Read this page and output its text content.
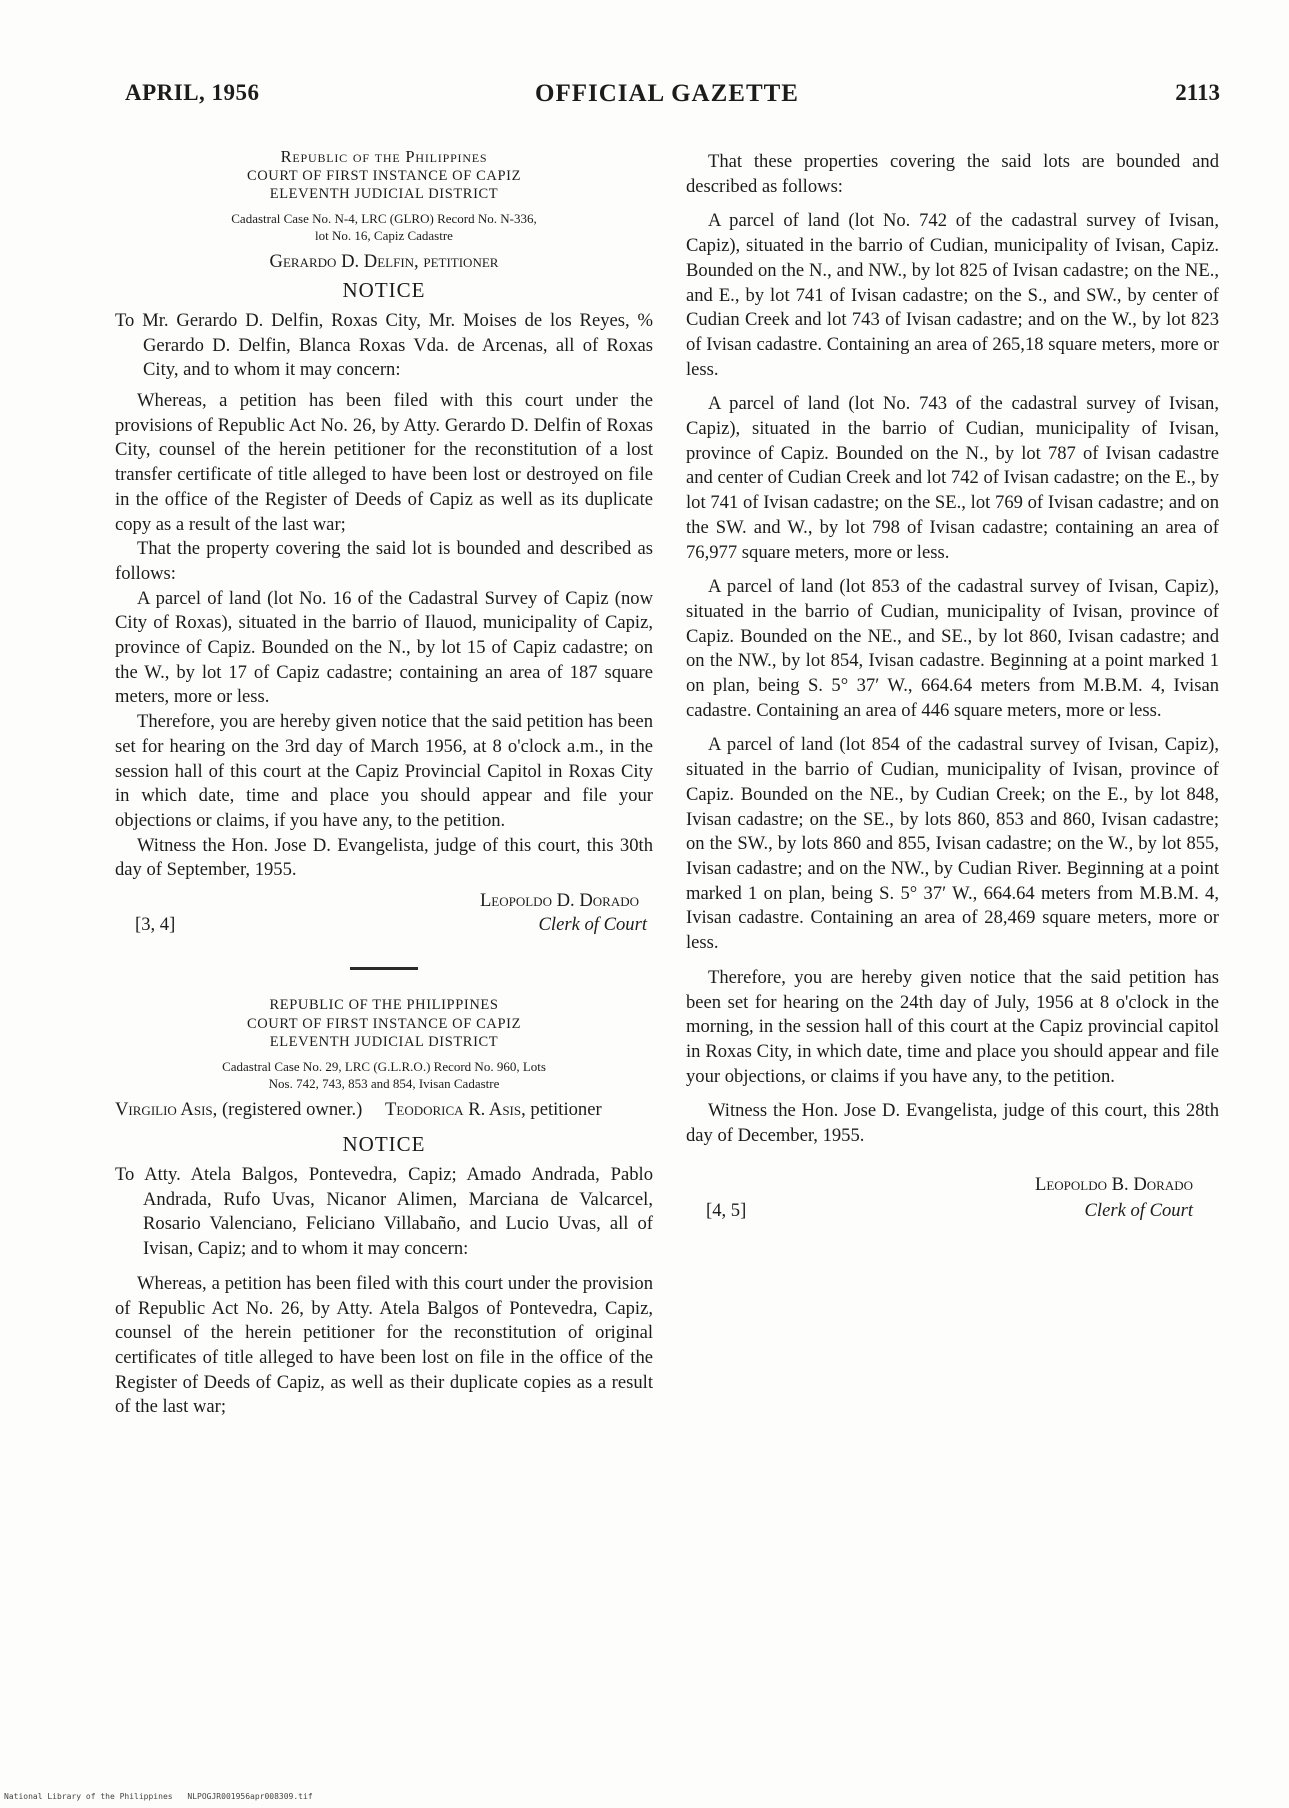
APRIL, 1956	OFFICIAL GAZETTE	2113
Republic of the Philippines
COURT OF FIRST INSTANCE OF CAPIZ
ELEVENTH JUDICIAL DISTRICT
Cadastral Case No. N-4, LRC (GLRO) Record No. N-336,
lot No. 16, Capiz Cadastre
Gerardo D. Delfin, petitioner
NOTICE
To Mr. Gerardo D. Delfin, Roxas City, Mr. Moises de los Reyes, % Gerardo D. Delfin, Blanca Roxas Vda. de Arcenas, all of Roxas City, and to whom it may concern:

Whereas, a petition has been filed with this court under the provisions of Republic Act No. 26, by Atty. Gerardo D. Delfin of Roxas City, counsel of the herein petitioner for the reconstitution of a lost transfer certificate of title alleged to have been lost or destroyed on file in the office of the Register of Deeds of Capiz as well as its duplicate copy as a result of the last war;

That the property covering the said lot is bounded and described as follows:

A parcel of land (lot No. 16 of the Cadastral Survey of Capiz (now City of Roxas), situated in the barrio of Ilauod, municipality of Capiz, province of Capiz. Bounded on the N., by lot 15 of Capiz cadastre; on the W., by lot 17 of Capiz cadastre; containing an area of 187 square meters, more or less.

Therefore, you are hereby given notice that the said petition has been set for hearing on the 3rd day of March 1956, at 8 o'clock a.m., in the session hall of this court at the Capiz Provincial Capitol in Roxas City in which date, time and place you should appear and file your objections or claims, if you have any, to the petition.

Witness the Hon. Jose D. Evangelista, judge of this court, this 30th day of September, 1955.

[3, 4]
Leopoldo D. Dorado
Clerk of Court
REPUBLIC OF THE PHILIPPINES
COURT OF FIRST INSTANCE OF CAPIZ
ELEVENTH JUDICIAL DISTRICT
Cadastral Case No. 29, LRC (G.L.R.O.) Record No. 960, Lots
Nos. 742, 743, 853 and 854, Ivisan Cadastre
Virgilio Asis, (registered owner.) Teodorica R. Asis, petitioner
NOTICE
To Atty. Atela Balgos, Pontevedra, Capiz; Amado Andrada, Pablo Andrada, Rufo Uvas, Nicanor Alimen, Marciana de Valcarcel, Rosario Valenciano, Feliciano Villabaño, and Lucio Uvas, all of Ivisan, Capiz; and to whom it may concern:

Whereas, a petition has been filed with this court under the provision of Republic Act No. 26, by Atty. Atela Balgos of Pontevedra, Capiz, counsel of the herein petitioner for the reconstitution of original certificates of title alleged to have been lost on file in the office of the Register of Deeds of Capiz, as well as their duplicate copies as a result of the last war;

That these properties covering the said lots are bounded and described as follows:

A parcel of land (lot No. 742 of the cadastral survey of Ivisan, Capiz), situated in the barrio of Cudian, municipality of Ivisan, Capiz. Bounded on the N., and NW., by lot 825 of Ivisan cadastre; on the NE., and E., by lot 741 of Ivisan cadastre; on the S., and SW., by center of Cudian Creek and lot 743 of Ivisan cadastre; and on the W., by lot 823 of Ivisan cadastre. Containing an area of 265,18 square meters, more or less.

A parcel of land (lot No. 743 of the cadastral survey of Ivisan, Capiz), situated in the barrio of Cudian, municipality of Ivisan, province of Capiz. Bounded on the N., by lot 787 of Ivisan cadastre and center of Cudian Creek and lot 742 of Ivisan cadastre; on the E., by lot 741 of Ivisan cadastre; on the SE., lot 769 of Ivisan cadastre; and on the SW. and W., by lot 798 of Ivisan cadastre; containing an area of 76,977 square meters, more or less.

A parcel of land (lot 853 of the cadastral survey of Ivisan, Capiz), situated in the barrio of Cudian, municipality of Ivisan, province of Capiz. Bounded on the NE., and SE., by lot 860, Ivisan cadastre; and on the NW., by lot 854, Ivisan cadastre. Beginning at a point marked 1 on plan, being S. 5° 37′ W., 664.64 meters from M.B.M. 4, Ivisan cadastre. Containing an area of 446 square meters, more or less.

A parcel of land (lot 854 of the cadastral survey of Ivisan, Capiz), situated in the barrio of Cudian, municipality of Ivisan, province of Capiz. Bounded on the NE., by Cudian Creek; on the E., by lot 848, Ivisan cadastre; on the SE., by lots 860, 853 and 860, Ivisan cadastre; on the SW., by lots 860 and 855, Ivisan cadastre; on the W., by lot 855, Ivisan cadastre; and on the NW., by Cudian River. Beginning at a point marked 1 on plan, being S. 5° 37′ W., 664.64 meters from M.B.M. 4, Ivisan cadastre. Containing an area of 28,469 square meters, more or less.

Therefore, you are hereby given notice that the said petition has been set for hearing on the 24th day of July, 1956 at 8 o'clock in the morning, in the session hall of this court at the Capiz provincial capitol in Roxas City, in which date, time and place you should appear and file your objections, or claims if you have any, to the petition.

Witness the Hon. Jose D. Evangelista, judge of this court, this 28th day of December, 1955.

[4, 5]
Leopoldo B. Dorado
Clerk of Court
National Library of the Philippines NLPOGJR001956apr008309.tif
